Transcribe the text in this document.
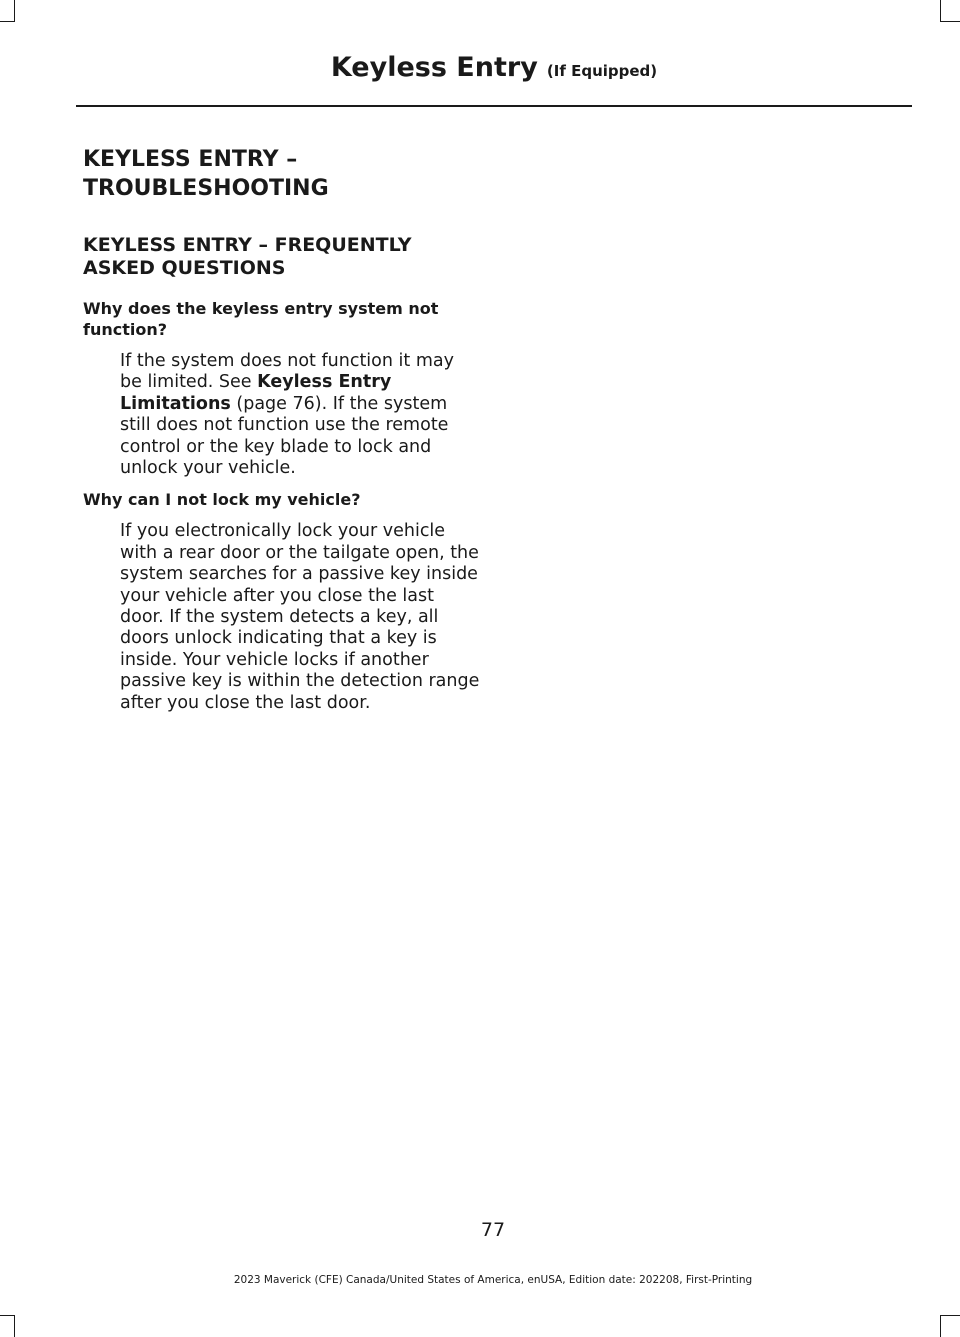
Keyless Entry (If Equipped)
KEYLESS ENTRY –
TROUBLESHOOTING
KEYLESS ENTRY – FREQUENTLY ASKED QUESTIONS
Why does the keyless entry system not function?
If the system does not function it may be limited. See Keyless Entry Limitations (page 76). If the system still does not function use the remote control or the key blade to lock and unlock your vehicle.
Why can I not lock my vehicle?
If you electronically lock your vehicle with a rear door or the tailgate open, the system searches for a passive key inside your vehicle after you close the last door. If the system detects a key, all doors unlock indicating that a key is inside. Your vehicle locks if another passive key is within the detection range after you close the last door.
77
2023 Maverick (CFE) Canada/United States of America, enUSA, Edition date: 202208, First-Printing
